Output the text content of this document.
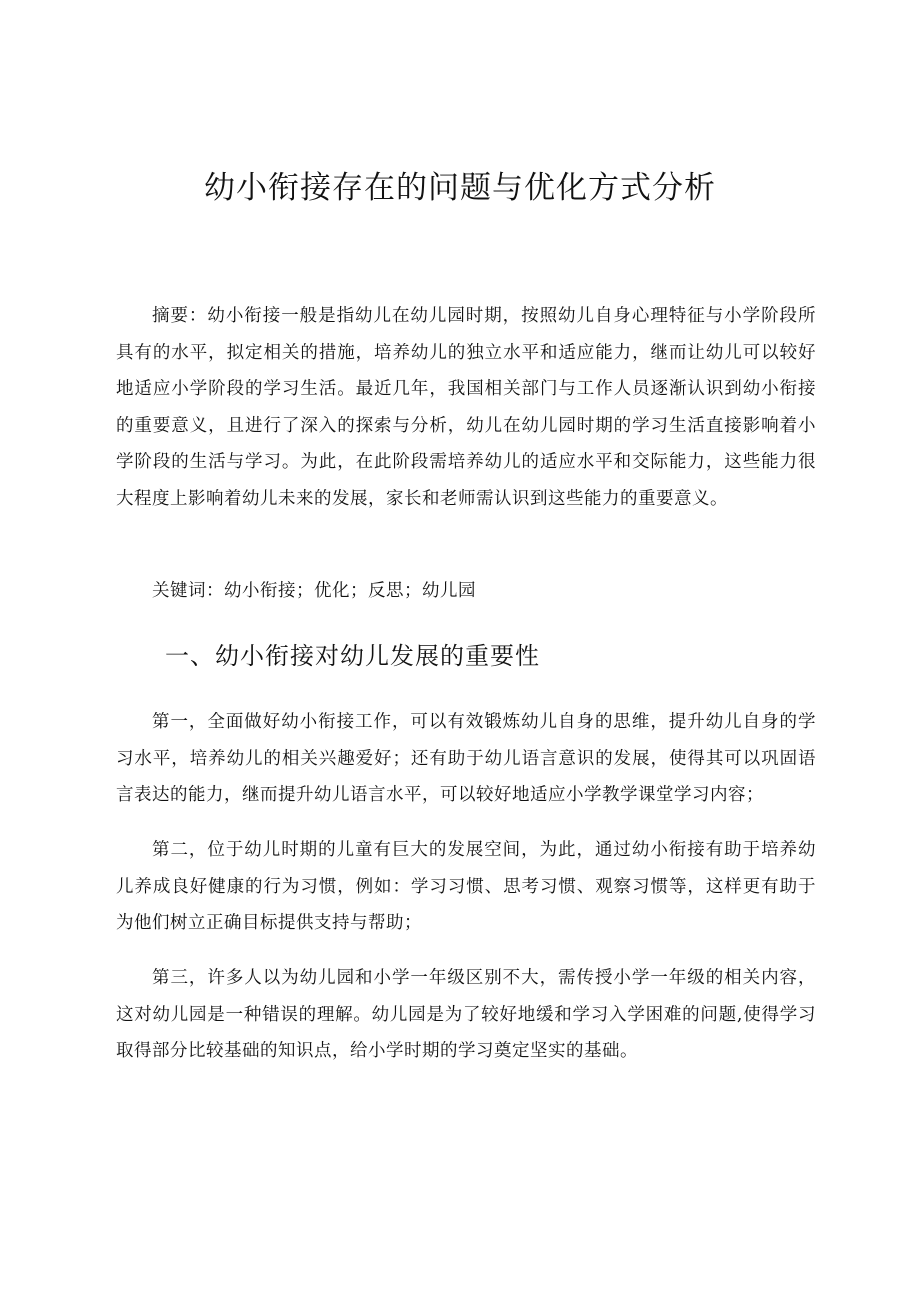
幼小衔接存在的问题与优化方式分析

摘要：幼小衔接一般是指幼儿在幼儿园时期，按照幼儿自身心理特征与小学阶段所具有的水平，拟定相关的措施，培养幼儿的独立水平和适应能力，继而让幼儿可以较好地适应小学阶段的学习生活。最近几年，我国相关部门与工作人员逐渐认识到幼小衔接的重要意义，且进行了深入的探索与分析，幼儿在幼儿园时期的学习生活直接影响着小学阶段的生活与学习。为此，在此阶段需培养幼儿的适应水平和交际能力，这些能力很大程度上影响着幼儿未来的发展，家长和老师需认识到这些能力的重要意义。

关键词：幼小衔接；优化；反思；幼儿园

一、幼小衔接对幼儿发展的重要性

第一，全面做好幼小衔接工作，可以有效锻炼幼儿自身的思维，提升幼儿自身的学习水平，培养幼儿的相关兴趣爱好；还有助于幼儿语言意识的发展，使得其可以巩固语言表达的能力，继而提升幼儿语言水平，可以较好地适应小学教学课堂学习内容；

第二，位于幼儿时期的儿童有巨大的发展空间，为此，通过幼小衔接有助于培养幼儿养成良好健康的行为习惯，例如：学习习惯、思考习惯、观察习惯等，这样更有助于为他们树立正确目标提供支持与帮助；

第三，许多人以为幼儿园和小学一年级区别不大，需传授小学一年级的相关内容，这对幼儿园是一种错误的理解。幼儿园是为了较好地缓和学习入学困难的问题,使得学习取得部分比较基础的知识点，给小学时期的学习奠定坚实的基础。
